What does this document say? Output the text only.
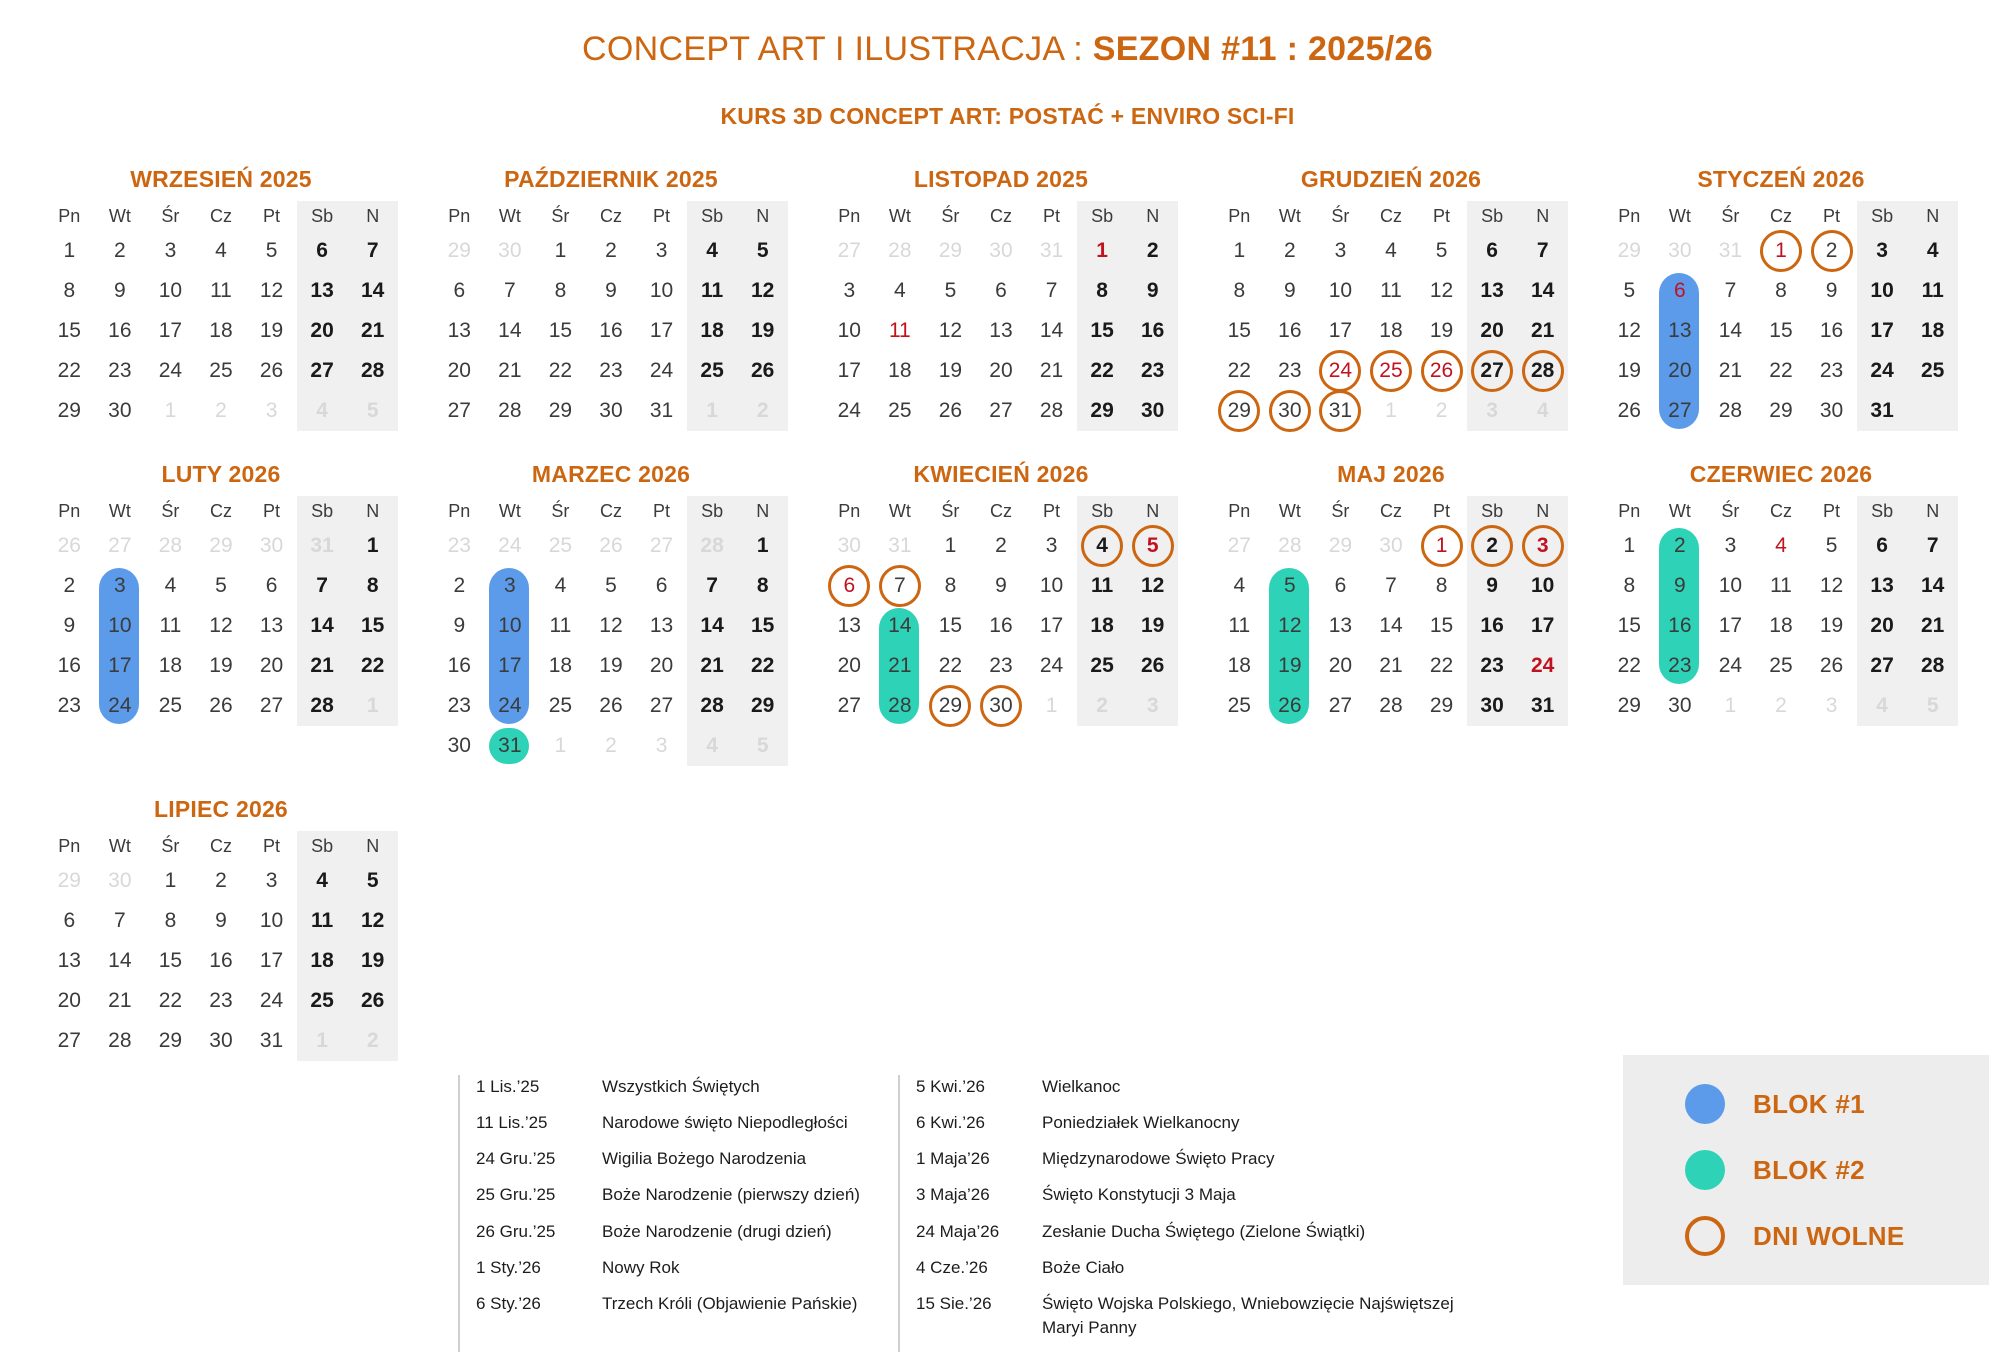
CONCEPT ART I ILUSTRACJA : SEZON #11 : 2025/26
KURS 3D CONCEPT ART: POSTAĆ + ENVIRO SCI-FI
WRZESIEŃ 2025
Pn	Wt	Śr	Cz	Pt	Sb	N
1	2	3	4	5	6	7
8	9	10	11	12	13	14
15	16	17	18	19	20	21
22	23	24	25	26	27	28
29	30	1	2	3	4	5
PAŹDZIERNIK 2025
Pn	Wt	Śr	Cz	Pt	Sb	N
29	30	1	2	3	4	5
6	7	8	9	10	11	12
13	14	15	16	17	18	19
20	21	22	23	24	25	26
27	28	29	30	31	1	2
LISTOPAD 2025
Pn	Wt	Śr	Cz	Pt	Sb	N
27	28	29	30	31	1	2
3	4	5	6	7	8	9
10	11	12	13	14	15	16
17	18	19	20	21	22	23
24	25	26	27	28	29	30
GRUDZIEŃ 2026
Pn	Wt	Śr	Cz	Pt	Sb	N
1	2	3	4	5	6	7
8	9	10	11	12	13	14
15	16	17	18	19	20	21
22	23	24	25	26	27	28
29	30	31	1	2	3	4
STYCZEŃ 2026
Pn	Wt	Śr	Cz	Pt	Sb	N
29	30	31	1	2	3	4
5	6	7	8	9	10	11
12	13	14	15	16	17	18
19	20	21	22	23	24	25
26	27	28	29	30	31	

LUTY 2026
Pn	Wt	Śr	Cz	Pt	Sb	N
26	27	28	29	30	31	1
2	3	4	5	6	7	8
9	10	11	12	13	14	15
16	17	18	19	20	21	22
23	24	25	26	27	28	1

MARZEC 2026
Pn	Wt	Śr	Cz	Pt	Sb	N
23	24	25	26	27	28	1
2	3	4	5	6	7	8
9	10	11	12	13	14	15
16	17	18	19	20	21	22
23	24	25	26	27	28	29
30	31	1	2	3	4	5

KWIECIEŃ 2026
Pn	Wt	Śr	Cz	Pt	Sb	N
30	31	1	2	3	4	5
6	7	8	9	10	11	12
13	14	15	16	17	18	19
20	21	22	23	24	25	26
27	28	29	30	1	2	3

MAJ 2026
Pn	Wt	Śr	Cz	Pt	Sb	N
27	28	29	30	1	2	3
4	5	6	7	8	9	10
11	12	13	14	15	16	17
18	19	20	21	22	23	24
25	26	27	28	29	30	31

CZERWIEC 2026
Pn	Wt	Śr	Cz	Pt	Sb	N
1	2	3	4	5	6	7
8	9	10	11	12	13	14
15	16	17	18	19	20	21
22	23	24	25	26	27	28
29	30	1	2	3	4	5

LIPIEC 2026
Pn	Wt	Śr	Cz	Pt	Sb	N
29	30	1	2	3	4	5
6	7	8	9	10	11	12
13	14	15	16	17	18	19
20	21	22	23	24	25	26
27	28	29	30	31	1	2
1 Lis.’25	Wszystkich Świętych
11 Lis.’25	Narodowe święto Niepodległości
24 Gru.’25	Wigilia Bożego Narodzenia
25 Gru.’25	Boże Narodzenie (pierwszy dzień)
26 Gru.’25	Boże Narodzenie (drugi dzień)
1 Sty.’26	Nowy Rok
6 Sty.’26	Trzech Króli (Objawienie Pańskie)
5 Kwi.’26	Wielkanoc
6 Kwi.’26	Poniedziałek Wielkanocny
1 Maja’26	Międzynarodowe Święto Pracy
3 Maja’26	Święto Konstytucji 3 Maja
24 Maja’26	Zesłanie Ducha Świętego (Zielone Świątki)
4 Cze.’26	Boże Ciało
15 Sie.’26	Święto Wojska Polskiego, Wniebowzięcie Najświętszej Maryi Panny
BLOK #1
BLOK #2
DNI WOLNE
